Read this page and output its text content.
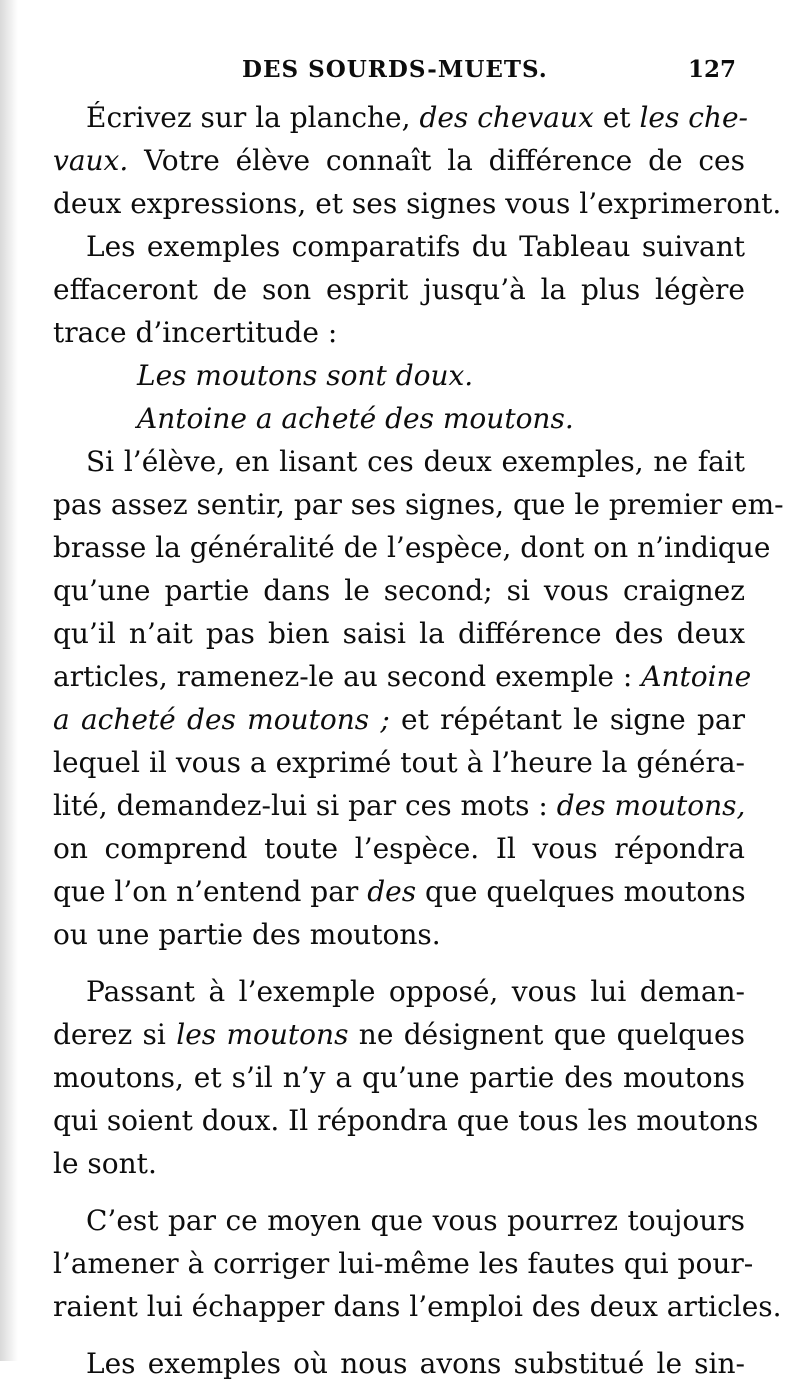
DES SOURDS-MUETS.	127
Écrivez sur la planche, des chevaux et les che-
vaux. Votre élève connaît la différence de ces
deux expressions, et ses signes vous l’exprimeront.
Les exemples comparatifs du Tableau suivant
effaceront de son esprit jusqu’à la plus légère
trace d’incertitude :
Les moutons sont doux.
Antoine a acheté des moutons.
Si l’élève, en lisant ces deux exemples, ne fait
pas assez sentir, par ses signes, que le premier em-
brasse la généralité de l’espèce, dont on n’indique
qu’une partie dans le second; si vous craignez
qu’il n’ait pas bien saisi la différence des deux
articles, ramenez-le au second exemple : Antoine
a acheté des moutons ; et répétant le signe par
lequel il vous a exprimé tout à l’heure la généra-
lité, demandez-lui si par ces mots : des moutons,
on comprend toute l’espèce. Il vous répondra
que l’on n’entend par des que quelques moutons
ou une partie des moutons.
Passant à l’exemple opposé, vous lui deman-
derez si les moutons ne désignent que quelques
moutons, et s’il n’y a qu’une partie des moutons
qui soient doux. Il répondra que tous les moutons
le sont.
C’est par ce moyen que vous pourrez toujours
l’amener à corriger lui-même les fautes qui pour-
raient lui échapper dans l’emploi des deux articles.
Les exemples où nous avons substitué le sin-
